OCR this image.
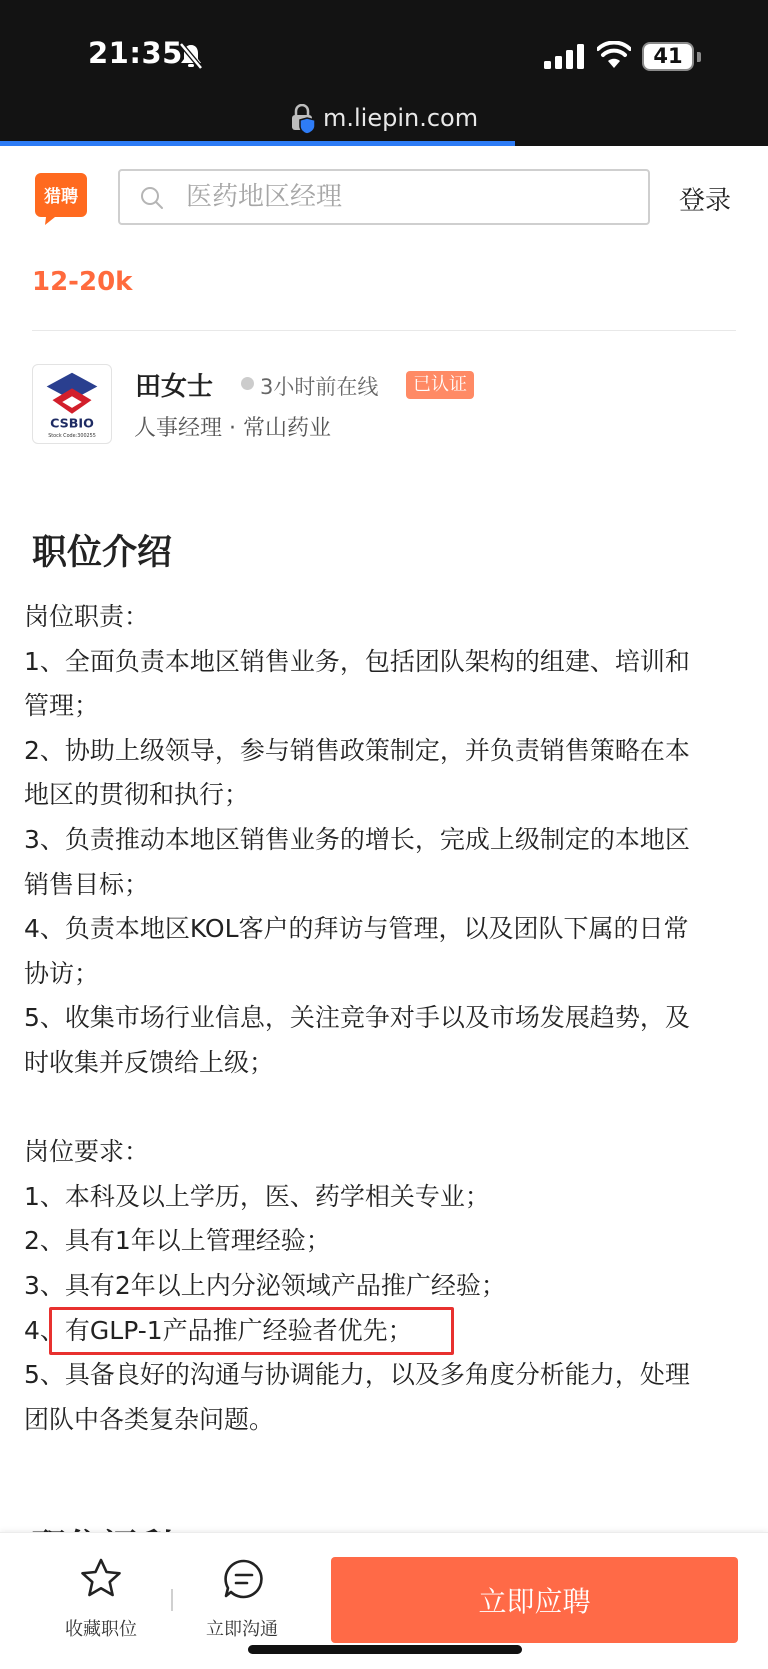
21:35	41
m.liepin.com
猎聘
医药地区经理	登录
12-20k
CSBIO
Stock Code:300255
田女士 3小时前在线	已认证
人事经理 · 常山药业
职位介绍
岗位职责：
1、全面负责本地区销售业务，包括团队架构的组建、培训和
管理；
2、协助上级领导，参与销售政策制定，并负责销售策略在本
地区的贯彻和执行；
3、负责推动本地区销售业务的增长，完成上级制定的本地区
销售目标；
4、负责本地区KOL客户的拜访与管理，以及团队下属的日常
协访；
5、收集市场行业信息，关注竞争对手以及市场发展趋势，及
时收集并反馈给上级；
岗位要求：
1、本科及以上学历，医、药学相关专业；
2、具有1年以上管理经验；
3、具有2年以上内分泌领域产品推广经验；
4、有GLP-1产品推广经验者优先；
5、具备良好的沟通与协调能力，以及多角度分析能力，处理
团队中各类复杂问题。
收藏职位	立即沟通
立即应聘
